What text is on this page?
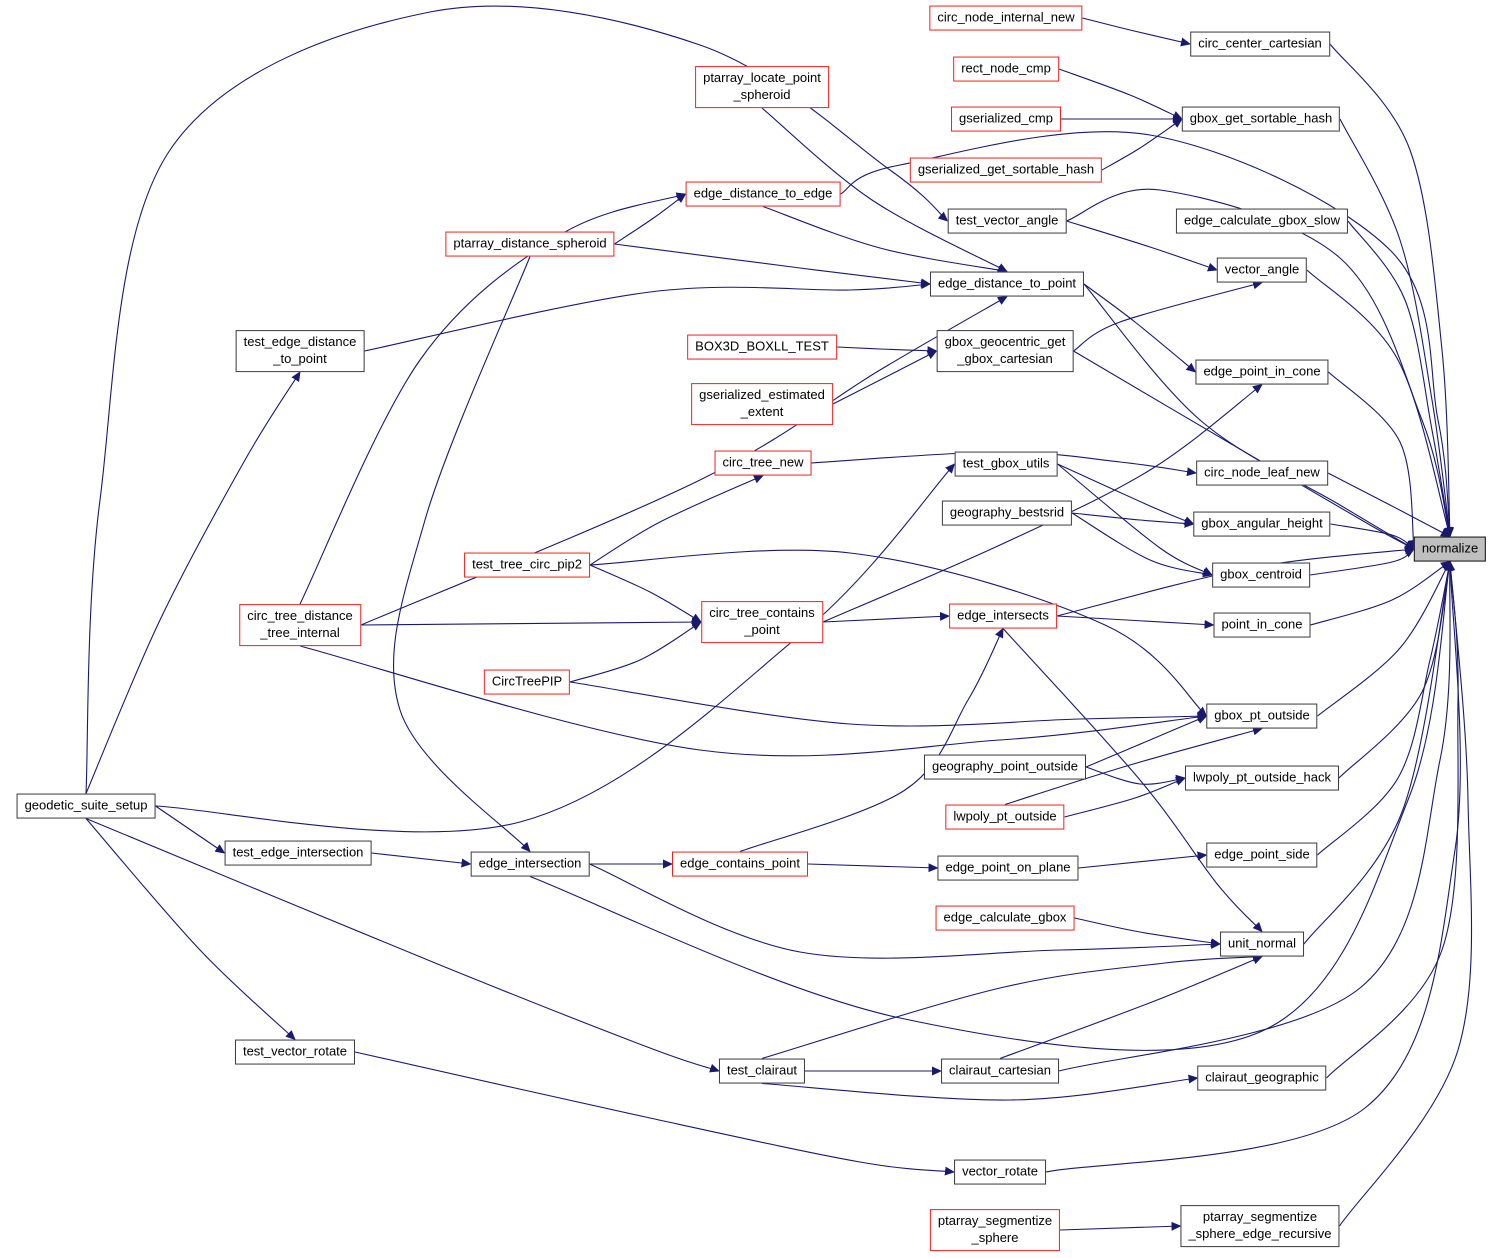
geodetic_suite_setup
test_edge_distance
_to_point
circ_tree_distance
_tree_internal
test_edge_intersection
test_vector_rotate
ptarray_distance_spheroid
test_tree_circ_pip2
CircTreePIP
edge_intersection
ptarray_locate_point
_spheroid
edge_distance_to_edge
BOX3D_BOXLL_TEST
gserialized_estimated
_extent
circ_tree_new
circ_tree_contains
_point
edge_contains_point
test_clairaut
ptarray_segmentize
_sphere
circ_node_internal_new
rect_node_cmp
gserialized_cmp
gserialized_get_sortable_hash
test_vector_angle
edge_distance_to_point
gbox_geocentric_get
_gbox_cartesian
test_gbox_utils
geography_bestsrid
edge_intersects
geography_point_outside
lwpoly_pt_outside
edge_point_on_plane
edge_calculate_gbox
clairaut_cartesian
vector_rotate
circ_center_cartesian
gbox_get_sortable_hash
edge_calculate_gbox_slow
vector_angle
edge_point_in_cone
circ_node_leaf_new
gbox_angular_height
gbox_centroid
point_in_cone
gbox_pt_outside
lwpoly_pt_outside_hack
edge_point_side
unit_normal
clairaut_geographic
ptarray_segmentize
_sphere_edge_recursive
normalize
